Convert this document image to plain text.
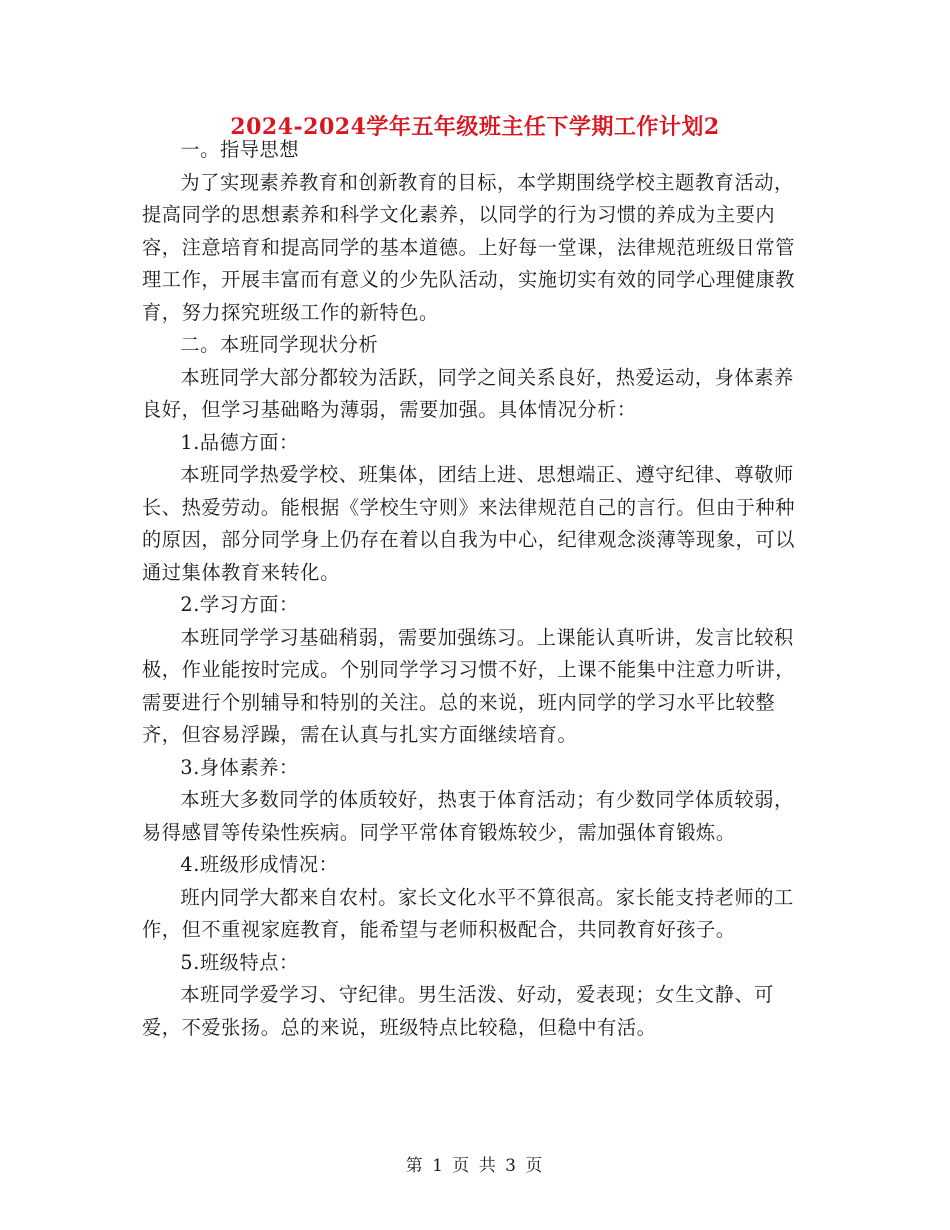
2024-2024学年五年级班主任下学期工作计划2

一。指导思想

为了实现素养教育和创新教育的目标，本学期围绕学校主题教育活动，提高同学的思想素养和科学文化素养，以同学的行为习惯的养成为主要内容，注意培育和提高同学的基本道德。上好每一堂课，法律规范班级日常管理工作，开展丰富而有意义的少先队活动，实施切实有效的同学心理健康教育，努力探究班级工作的新特色。

二。本班同学现状分析

本班同学大部分都较为活跃，同学之间关系良好，热爱运动，身体素养良好，但学习基础略为薄弱，需要加强。具体情况分析：

1.品德方面：

本班同学热爱学校、班集体，团结上进、思想端正、遵守纪律、尊敬师长、热爱劳动。能根据《学校生守则》来法律规范自己的言行。但由于种种的原因，部分同学身上仍存在着以自我为中心，纪律观念淡薄等现象，可以通过集体教育来转化。

2.学习方面：

本班同学学习基础稍弱，需要加强练习。上课能认真听讲，发言比较积极，作业能按时完成。个别同学学习习惯不好，上课不能集中注意力听讲，需要进行个别辅导和特别的关注。总的来说，班内同学的学习水平比较整齐，但容易浮躁，需在认真与扎实方面继续培育。

3.身体素养：

本班大多数同学的体质较好，热衷于体育活动；有少数同学体质较弱，易得感冒等传染性疾病。同学平常体育锻炼较少，需加强体育锻炼。

4.班级形成情况：

班内同学大都来自农村。家长文化水平不算很高。家长能支持老师的工作，但不重视家庭教育，能希望与老师积极配合，共同教育好孩子。

5.班级特点：

本班同学爱学习、守纪律。男生活泼、好动，爱表现；女生文静、可爱，不爱张扬。总的来说，班级特点比较稳，但稳中有活。

第 1 页 共 3 页
